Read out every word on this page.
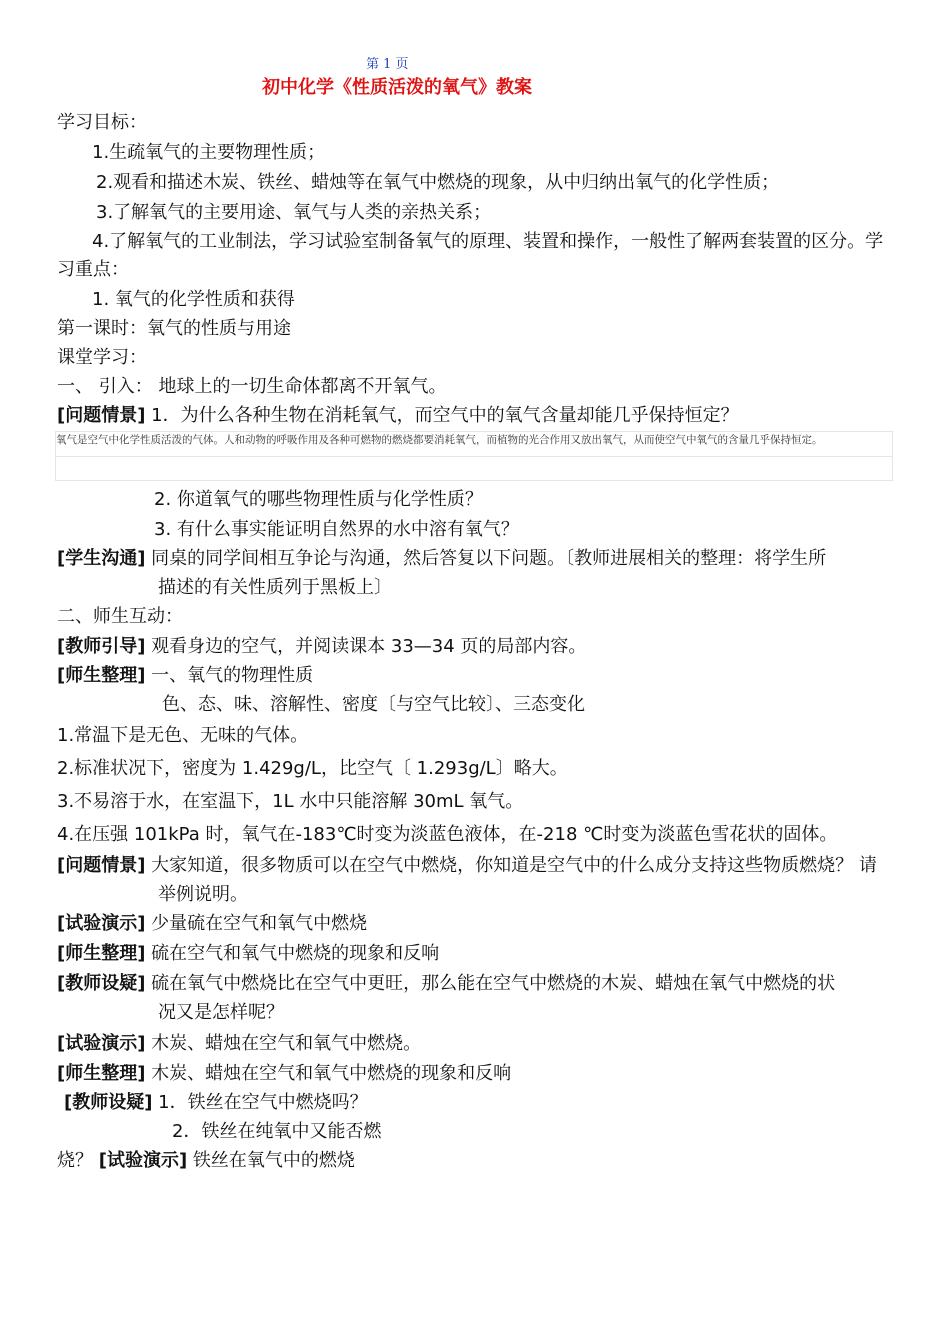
第 1 页
初中化学《性质活泼的氧气》教案
学习目标：
1.生疏氧气的主要物理性质；
2.观看和描述木炭、铁丝、蜡烛等在氧气中燃烧的现象，从中归纳出氧气的化学性质；
3.了解氧气的主要用途、氧气与人类的亲热关系；
4.了解氧气的工业制法，学习试验室制备氧气的原理、装置和操作，一般性了解两套装置的区分。学
习重点：
1. 氧气的化学性质和获得
第一课时：氧气的性质与用途
课堂学习：
一、 引入： 地球上的一切生命体都离不开氧气。
[问题情景] 1．为什么各种生物在消耗氧气，而空气中的氧气含量却能几乎保持恒定？
氧气是空气中化学性质活泼的气体。人和动物的呼吸作用及各种可燃物的燃烧都要消耗氧气，而植物的光合作用又放出氧气，从而使空气中氧气的含量几乎保持恒定。
2. 你道氧气的哪些物理性质与化学性质？
3. 有什么事实能证明自然界的水中溶有氧气？
[学生沟通] 同桌的同学间相互争论与沟通，然后答复以下问题。〔教师进展相关的整理：将学生所
描述的有关性质列于黑板上〕
二、师生互动：
[教师引导] 观看身边的空气，并阅读课本 33—34 页的局部内容。
[师生整理] 一、氧气的物理性质
色、态、味、溶解性、密度〔与空气比较〕、三态变化
1.常温下是无色、无味的气体。
2.标准状况下，密度为 1.429g/L，比空气〔 1.293g/L〕略大。
3.不易溶于水，在室温下，1L 水中只能溶解 30mL 氧气。
4.在压强 101kPa 时，氧气在-183℃时变为淡蓝色液体，在-218 ℃时变为淡蓝色雪花状的固体。
[问题情景] 大家知道，很多物质可以在空气中燃烧，你知道是空气中的什么成分支持这些物质燃烧？ 请
举例说明。
[试验演示] 少量硫在空气和氧气中燃烧
[师生整理] 硫在空气和氧气中燃烧的现象和反响
[教师设疑] 硫在氧气中燃烧比在空气中更旺，那么能在空气中燃烧的木炭、蜡烛在氧气中燃烧的状
况又是怎样呢？
[试验演示] 木炭、蜡烛在空气和氧气中燃烧。
[师生整理] 木炭、蜡烛在空气和氧气中燃烧的现象和反响
[教师设疑] 1．铁丝在空气中燃烧吗？
2．铁丝在纯氧中又能否燃
烧？ [试验演示] 铁丝在氧气中的燃烧
